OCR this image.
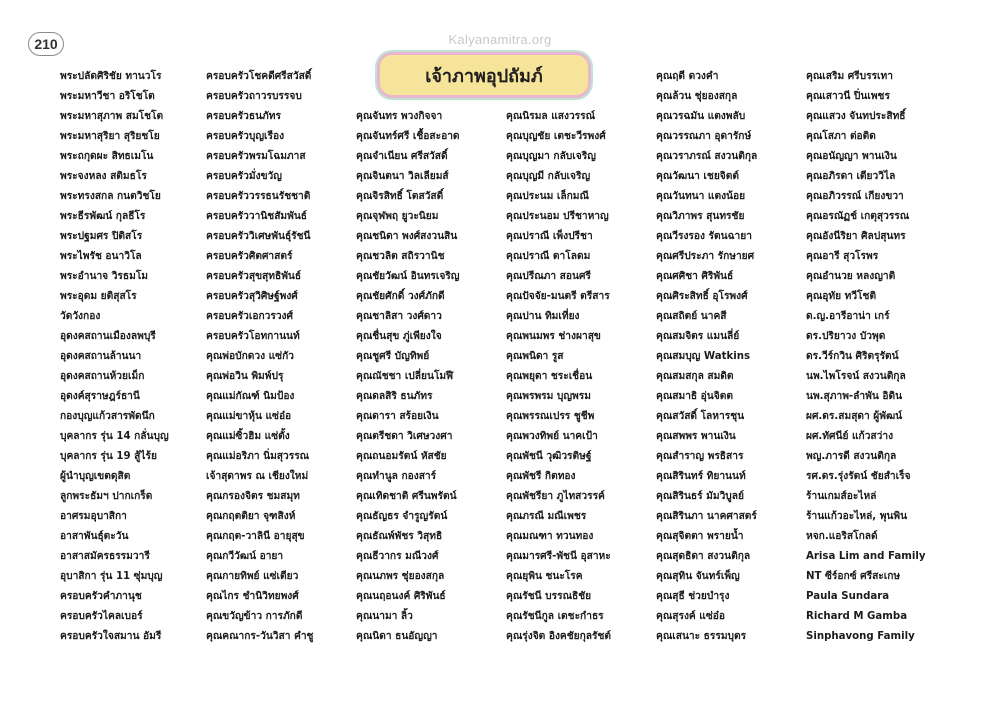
210	Kalyanamitra.org
เจ้าภาพอุปถัมภ์
พระปลัดศิริชัย ทานวโร
พระมหาวีชา อริโชโต
พระมหาสุภาพ สมโชโต
พระมหาสุริยา สุริยชโย
พระถกุดผะ สิทธเมโน
พระจงหลง สติมธโร
พระทรงสกล กนตวิชโย
พระธีรพัฒน์ กุลธีโร
พระปฐมศร ปิติสโร
พระไพรัช อนาวิโล
พระอำนาจ วิรธมโม
พระอุดม ยติสุสโร
วัดวังกอง
อุดงคสถานเมืองลพบุรี
อุดงคสถานล้านนา
อุดงคสถานห้วยเม็ก
อุดงค์สุราษฎร์ธานี
กองบุญแก้วสารพัดนึก
บุคลากร รุ่น 14 กลั่นบุญ
บุคลากร รุ่น 19 สู้ไร้ย
ผู้นำบุญเขตดุสิต
ลูกพระธัมฯ ปากเกร็ด
อาศรมอุบาสิกา
อาสาพันธุ์ตะวัน
อาสาสมัครธรรมวารี
อุบาสิกา รุ่น 11 ซุ่มบุญ
ครอบครัวคำภานุช
ครอบครัวไคลเบอร์
ครอบครัวใจสมาน อัมรี
ครอบครัวโชคดีศรีสวัสดิ์
ครอบครัวถาวรบรรจบ
ครอบครัวธนภัทร
ครอบครัวบุญเรือง
ครอบครัวพรมโฉมภาส
ครอบครัวมั่งขวัญ
ครอบครัววรรธนรัชชาติ
ครอบครัววานิชสัมพันธ์
ครอบครัววิเศษพันธุ์รัชนี
ครอบครัวศิตศาสตร์
ครอบครัวสุขสุทธิพันธ์
ครอบครัวสุวิศิษฐ์พงศ์
ครอบครัวเอกวรวงศ์
ครอบครัวโอทกานนท์
คุณพ่อบักดวง แซ่กัว
คุณพ่อวิน พิมพ์ปรุ
คุณแม่กัณฑ์ นิมป้อง
คุณแม่ขาหุ้น แซ่อ๋อ
คุณแม่ซิ้วฮิม แซ่ตั้ง
คุณแม่อริภา นิ่มสุวรรณ
เจ้าสุดาพร ณ เชียงใหม่
คุณกรองจิตร ชมสมุท
คุณกฤตติยา จุฑสิงห์
คุณกฤต-วาลินี อายุสุข
คุณกวีวัฒน์ อายา
คุณกายทิพย์ แซ่เตียว
คุณไกร ชำนิวิทยพงศ์
คุณขวัญข้าว การภักดี
คุณคณากร-วันวิสา คำชู
คุณจันทร พวงกิจจา
คุณจันทร์ศรี เชื้อสะอาด
คุณจำเนียน ศรีสวัสดิ์
คุณจินตนา วิลเลียมส์
คุณจิรสิทธิ์ โตสวัสดิ์
คุณจุฬพฤ ยูวะนิยม
คุณชนิดา พงศ์สงวนสิน
คุณชวลิต สถิรวานิช
คุณชัยวัฒน์ อินทรเจริญ
คุณชัยศักดิ์ วงศ์ภักดี
คุณชาลิสา วงศ์ดาว
คุณชื่นสุข ภู่เพียงใจ
คุณชูศรี บัญทิพย์
คุณณัชชา เปลี่ยนโมฬี
คุณดลสิริ ธนภัทร
คุณดารา สร้อยเงิน
คุณตรีชดา วิเศษวงศา
คุณถนอมรัตน์ หัสชัย
คุณทำนูล กองสาร์
คุณเทิดชาติ ศรีนพรัตน์
คุณธัญธร จำรูญรัตน์
คุณธัณพ์พัชร วิสุทธิ
คุณธีวากร มณีวงศ์
คุณนภพร ชุ่ยองสกุล
คุณนฤอนงค์ ศิริพันธ์
คุณนามา ลิ้ว
คุณนิดา ธนอัญญา
คุณนิรมล แสงวรรณ์
คุณบุญชัย เตชะวีรพงศ์
คุณบุญมา กลับเจริญ
คุณบุญมี กลับเจริญ
คุณประนม เล็กมณี
คุณประนอม ปรีชาหาญ
คุณปราณี เพ็งปรีชา
คุณปราณี ตาโลดม
คุณปรีณภา สอนศรี
คุณปัจจัย-มนตรี ตรีสาร
คุณปาน ทิมเที่ยง
คุณพนมพร ช่างผาสุข
คุณพนิดา รูส
คุณพยุดา ชระเชื่อน
คุณพรพรม บุญพรม
คุณพรรณเปรร ชูชีพ
คุณพวงทิพย์ นาคเป้า
คุณพัชนี วุฒิวรติษฐ์
คุณพัชรี กิตทอง
คุณพัชรียา ภูไทสวรรค์
คุณภรณี มณีเพชร
คุณมณฑา ทวนทอง
คุณมารศรี-พัชนี อุสาหะ
คุณยุพิน ชนะโรค
คุณรัชนี บรรณธิชัย
คุณรัชนีกูล เตชะกำธร
คุณรุ่งจิต อิงคชัยกุลรัชต์
คุณฤดี ดวงคำ
คุณล้วน ชุ่ยองสกุล
คุณวรฉมัน แตงพลับ
คุณวรรณภา อุดารักษ์
คุณวราภรณ์ สงวนติกุล
คุณวัฒนา เชยจิตต์
คุณวันทนา แตงน้อย
คุณวิภาพร สุนทรชัย
คุณวีรงรอง รัตนฉายา
คุณศรีประภา รักษายศ
คุณศศิชา ศิริพันธ์
คุณศิระสิทธิ์ อุโรพงศ์
คุณสถิตย์ นาคสี
คุณสมจิตร แมนลี่ย์
คุณสมบุญ Watkins
คุณสมสกุล สมดิต
คุณสมาธิ อุ่นจิตต
คุณสวัสดิ์ โลหารชุน
คุณสพพร พานเงิน
คุณสำราญ พรธิสาร
คุณสิรินทร์ ทิยานนท์
คุณสิรินธร์ มัมวิบูลย์
คุณสิรินภา นาคศาสตร์
คุณสุจิตตา พรายน้ำ
คุณสุดธิดา สงวนติกุล
คุณสุทิน จันทร์เพ็ญ
คุณสุธี ช่วยบำรุง
คุณสุรงค์ แซ่อ๋อ
คุณเสนาะ ธรรมบุตร
คุณเสริม ศรีบรรเทา
คุณเสาวนี ปิ่นเพชร
คุณแสวง จันทประสิทธิ์
คุณโสภา ต่อติด
คุณอนัญญา พานเงิน
คุณอภิรดา เตียววิไล
คุณอภิวรรณ์ เกียงขวา
คุณอรณัฏช์ เกตุสุวรรณ
คุณอังนีริยา ศิลปสุนทร
คุณอารี สุวโรพร
คุณอำนวย หลงญาติ
คุณอุทัย ทวีโชติ
ด.ญ.อารีอาน่า เกร์
ดร.ปริยาวง บัวพุด
ดร.วีร์กวิน ศิริตรุรัตน์
นพ.ไพโรจน์ สงวนติกุล
นพ.สุภาพ-ลำพัน อิดิน
ผศ.ดร.สมสุดา ผู้พัฒน์
ผศ.ทัศนีย์ แก้วสว่าง
พญ.ภารดี สงวนติกุล
รศ.ดร.รุ่งรัตน์ ชัยสำเร็จ
ร้านเกมส์อะไหล่
ร้านแก้วอะไหล่, พุนพิน
หจก.แอริสโกลด์
Arisa Lim and Family
NT ซีร์อกซ์ ศรีสะเกษ
Paula Sundara
Richard M Gamba
Sinphavong Family
